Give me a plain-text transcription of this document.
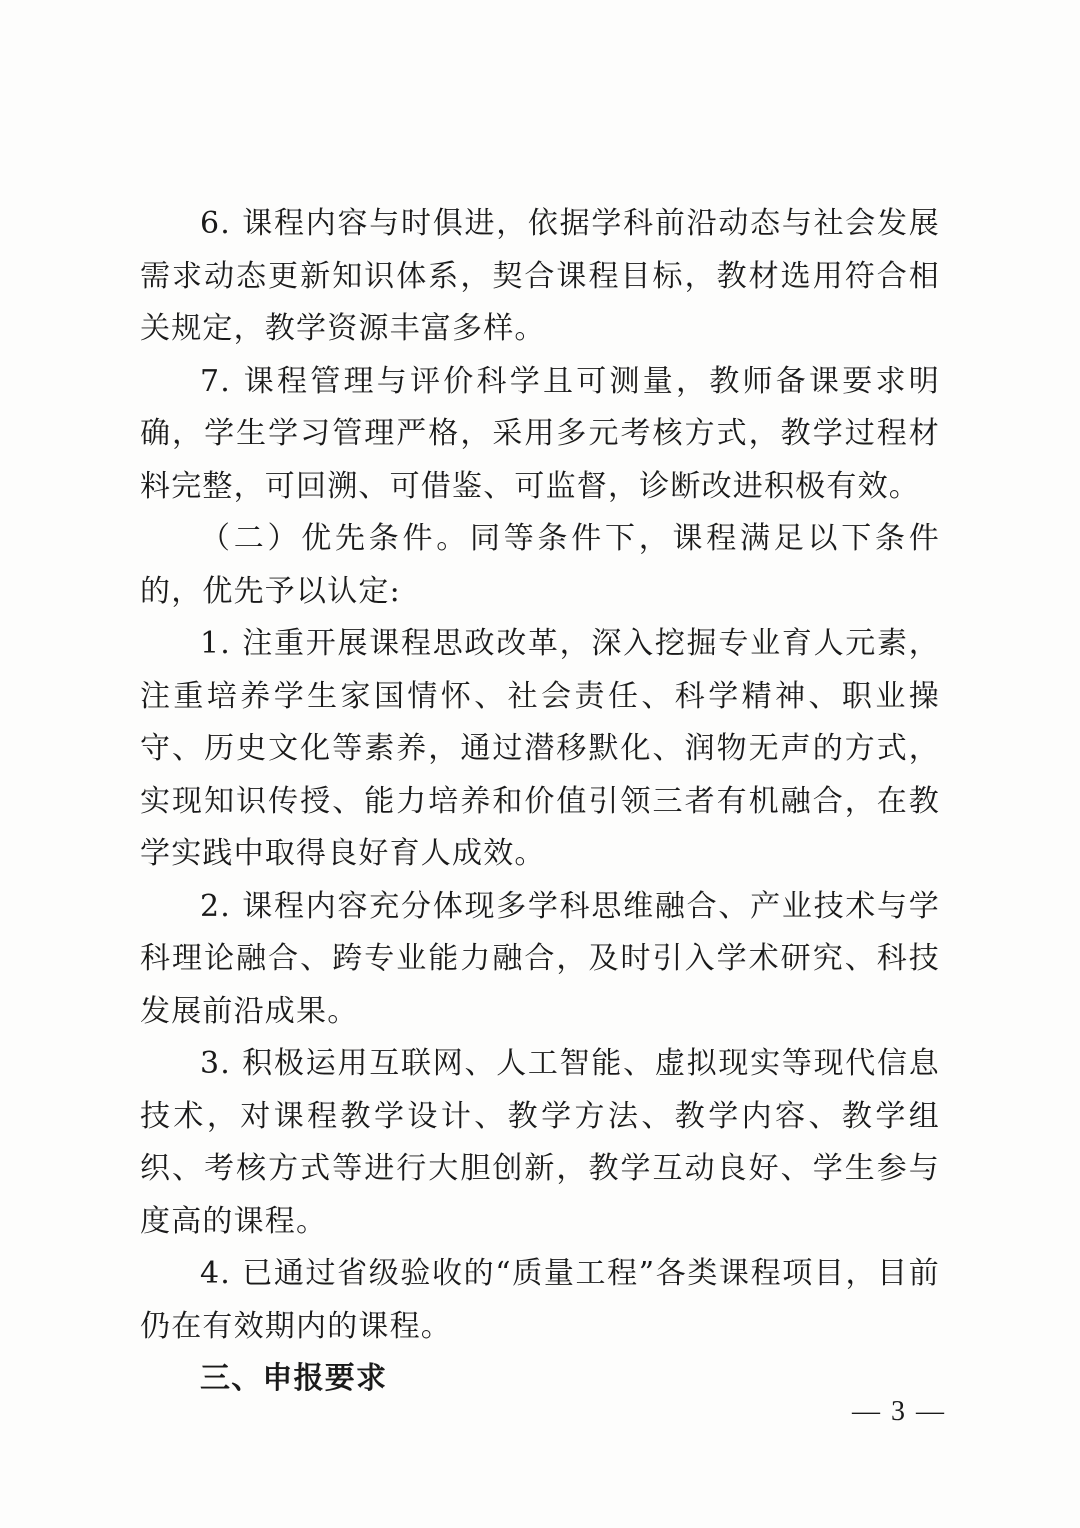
6. 课程内容与时俱进，依据学科前沿动态与社会发展需求动态更新知识体系，契合课程目标，教材选用符合相关规定，教学资源丰富多样。

7. 课程管理与评价科学且可测量，教师备课要求明确，学生学习管理严格，采用多元考核方式，教学过程材料完整，可回溯、可借鉴、可监督，诊断改进积极有效。

（二）优先条件。同等条件下，课程满足以下条件的，优先予以认定:

1. 注重开展课程思政改革，深入挖掘专业育人元素，注重培养学生家国情怀、社会责任、科学精神、职业操守、历史文化等素养，通过潜移默化、润物无声的方式，实现知识传授、能力培养和价值引领三者有机融合，在教学实践中取得良好育人成效。

2. 课程内容充分体现多学科思维融合、产业技术与学科理论融合、跨专业能力融合，及时引入学术研究、科技发展前沿成果。

3. 积极运用互联网、人工智能、虚拟现实等现代信息技术，对课程教学设计、教学方法、教学内容、教学组织、考核方式等进行大胆创新，教学互动良好、学生参与度高的课程。

4. 已通过省级验收的“质量工程”各类课程项目，目前仍在有效期内的课程。

三、申报要求

— 3 —
